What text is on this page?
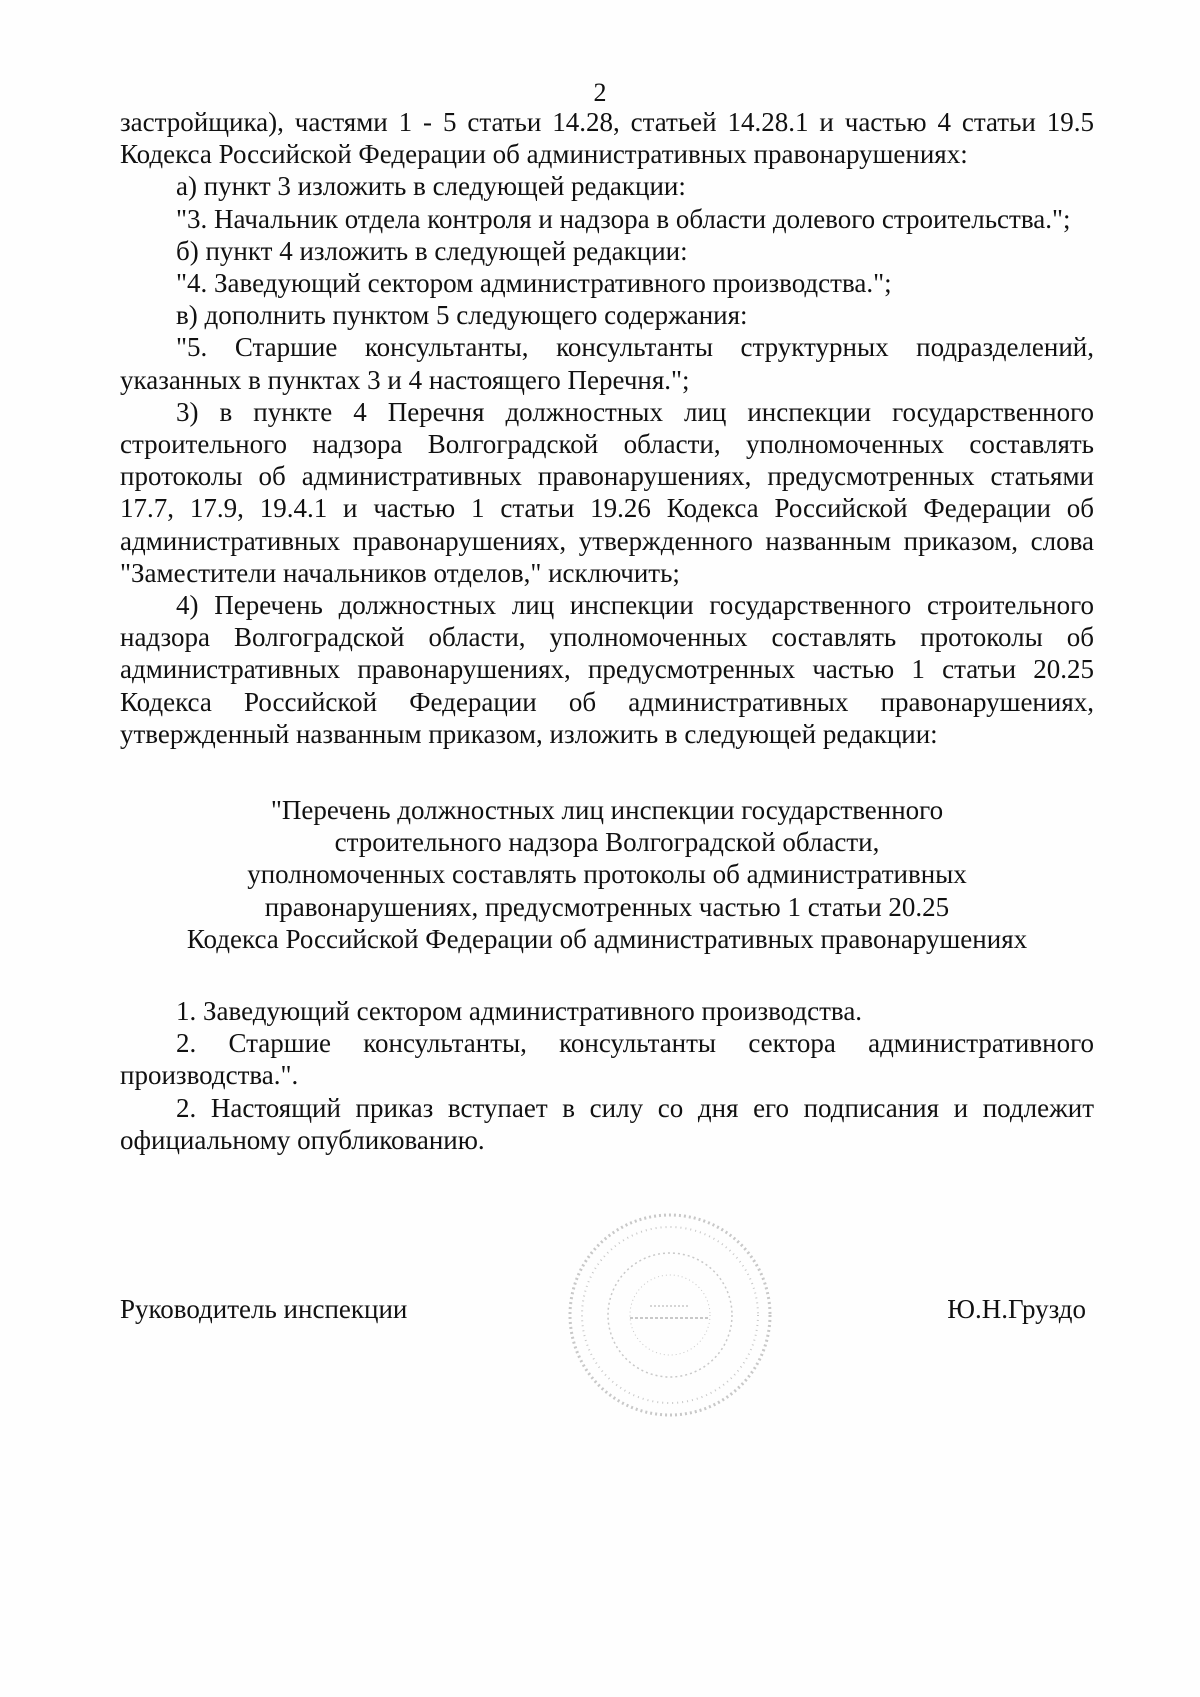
2

застройщика), частями 1 - 5 статьи 14.28, статьей 14.28.1 и частью 4 статьи 19.5 Кодекса Российской Федерации об административных правонарушениях:

а) пункт 3 изложить в следующей редакции:

"3. Начальник отдела контроля и надзора в области долевого строительства.";

б) пункт 4 изложить в следующей редакции:

"4. Заведующий сектором административного производства.";

в) дополнить пунктом 5 следующего содержания:

"5. Старшие консультанты, консультанты структурных подразделений, указанных в пунктах 3 и 4 настоящего Перечня.";

3) в пункте 4 Перечня должностных лиц инспекции государственного строительного надзора Волгоградской области, уполномоченных составлять протоколы об административных правонарушениях, предусмотренных статьями 17.7, 17.9, 19.4.1 и частью 1 статьи 19.26 Кодекса Российской Федерации об административных правонарушениях, утвержденного названным приказом, слова "Заместители начальников отделов," исключить;

4) Перечень должностных лиц инспекции государственного строительного надзора Волгоградской области, уполномоченных составлять протоколы об административных правонарушениях, предусмотренных частью 1 статьи 20.25 Кодекса Российской Федерации об административных правонарушениях, утвержденный названным приказом, изложить в следующей редакции:

"Перечень должностных лиц инспекции государственного

строительного надзора Волгоградской области,

уполномоченных составлять протоколы об административных

правонарушениях, предусмотренных частью 1 статьи 20.25

Кодекса Российской Федерации об административных правонарушениях

1. Заведующий сектором административного производства.

2. Старшие консультанты, консультанты сектора административного производства.".

2. Настоящий приказ вступает в силу со дня его подписания и подлежит официальному опубликованию.

Руководитель инспекции	Ю.Н.Груздо
